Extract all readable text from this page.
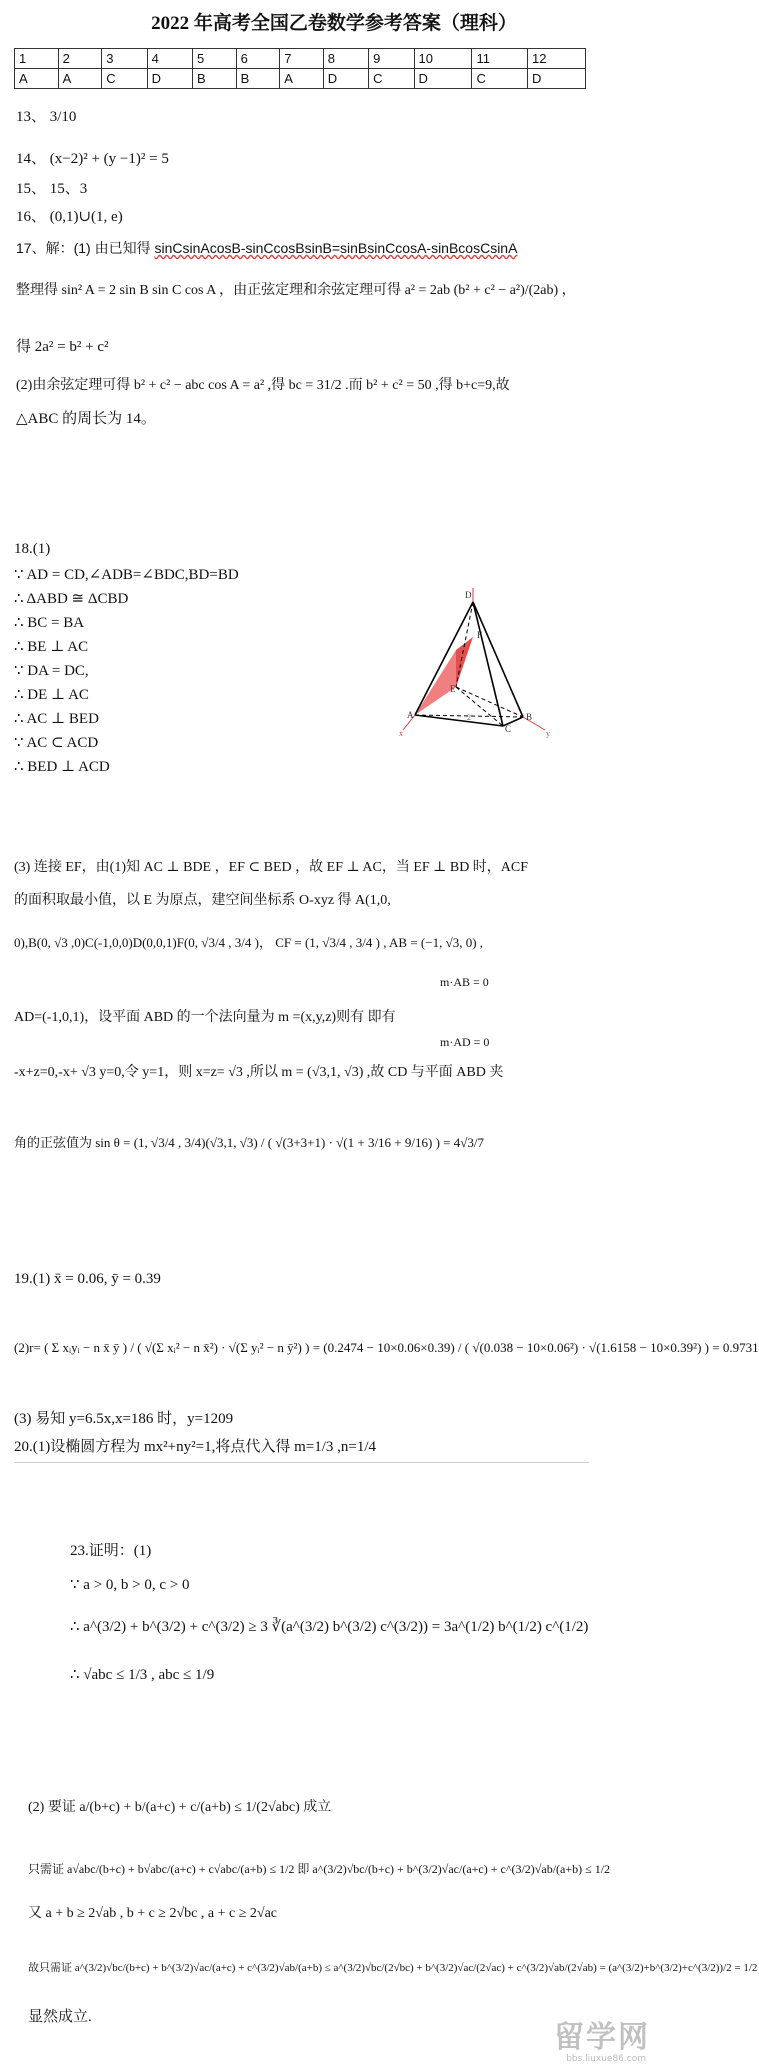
2022 年高考全国乙卷数学参考答案（理科）
1	2	3	4	5	6	7	8	9	10	11	12
A	A	C	D	B	B	A	D	C	D	C	D
13、 3/10
14、 (x−2)² + (y −1)² = 5
15、 15、3
16、 (0,1)∪(1, e)
17、解：(1) 由已知得 sinCsinAcosB-sinCcosBsinB=sinBsinCcosA-sinBcosCsinA
整理得 sin² A = 2 sin B sin C cos A ，由正弦定理和余弦定理可得 a² = 2ab (b² + c² − a²)/(2ab) ，
得 2a² = b² + c²
(2)由余弦定理可得 b² + c² − abc cos A = a² ,得 bc = 31/2 .而 b² + c² = 50 ,得 b+c=9,故
△ABC 的周长为 14。
18.(1)
∵ AD = CD,∠ADB=∠BDC,BD=BD
∴ ΔABD ≅ ΔCBD
∴ BC = BA
∴ BE ⊥ AC
∵ DA = DC,
∴ DE ⊥ AC
∴ AC ⊥ BED
∵ AC ⊂ ACD
∴ BED ⊥ ACD
D
F
E
A	B
C
x	y
1
2
(3) 连接 EF，由(1)知 AC ⊥ BDE ，EF ⊂ BED ，故 EF ⊥ AC，当 EF ⊥ BD 时，ACF
的面积取最小值，以 E 为原点，建空间坐标系 O-xyz 得 A(1,0,
0),B(0, √3 ,0)C(-1,0,0)D(0,0,1)F(0, √3/4 , 3/4 )， CF = (1, √3/4 , 3/4 ) , AB = (−1, √3, 0) ,
m·AB = 0
AD=(-1,0,1)，设平面 ABD 的一个法向量为 m =(x,y,z)则有 即有
m·AD = 0
-x+z=0,-x+ √3 y=0,令 y=1，则 x=z= √3 ,所以 m = (√3,1, √3) ,故 CD 与平面 ABD 夹
角的正弦值为 sin θ = (1, √3/4 , 3/4)(√3,1, √3) / ( √(3+3+1) · √(1 + 3/16 + 9/16) ) = 4√3/7
19.(1) x̄ = 0.06, ȳ = 0.39
(2)r= ( Σ xᵢyᵢ − n x̄ ȳ ) / ( √(Σ xᵢ² − n x̄²) · √(Σ yᵢ² − n ȳ²) ) = (0.2474 − 10×0.06×0.39) / ( √(0.038 − 10×0.06²) · √(1.6158 − 10×0.39²) ) = 0.9731
(3) 易知 y=6.5x,x=186 时，y=1209
20.(1)设椭圆方程为 mx²+ny²=1,将点代入得 m=1/3 ,n=1/4
23.证明：(1)
∵ a > 0, b > 0, c > 0
∴ a^(3/2) + b^(3/2) + c^(3/2) ≥ 3 ∛(a^(3/2) b^(3/2) c^(3/2)) = 3a^(1/2) b^(1/2) c^(1/2)
∴ √abc ≤ 1/3 , abc ≤ 1/9
(2) 要证 a/(b+c) + b/(a+c) + c/(a+b) ≤ 1/(2√abc) 成立
只需证 a√abc/(b+c) + b√abc/(a+c) + c√abc/(a+b) ≤ 1/2 即 a^(3/2)√bc/(b+c) + b^(3/2)√ac/(a+c) + c^(3/2)√ab/(a+b) ≤ 1/2
又 a + b ≥ 2√ab , b + c ≥ 2√bc , a + c ≥ 2√ac
故只需证 a^(3/2)√bc/(b+c) + b^(3/2)√ac/(a+c) + c^(3/2)√ab/(a+b) ≤ a^(3/2)√bc/(2√bc) + b^(3/2)√ac/(2√ac) + c^(3/2)√ab/(2√ab) = (a^(3/2)+b^(3/2)+c^(3/2))/2 = 1/2
显然成立.
留学网
bbs.liuxue86.com
